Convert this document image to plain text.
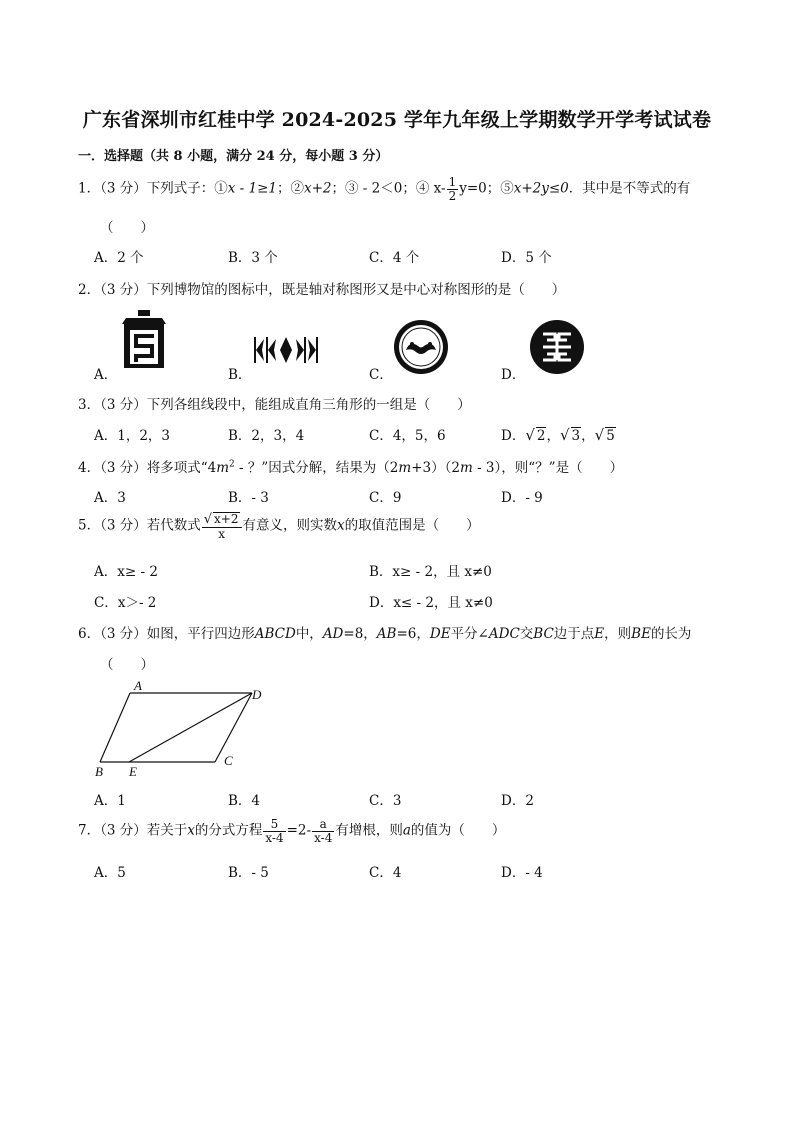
广东省深圳市红桂中学 2024-2025 学年九年级上学期数学开学考试试卷
一．选择题（共 8 小题，满分 24 分，每小题 3 分）
1．（3 分）下列式子：①x - 1≥1；②x+2；③ - 2＜0；④ $x- \frac{1}{2} y=0$；⑤x+2y≤0．其中是不等式的有
（　　）
A．2 个	B．3 个	C．4 个	D．5 个
2．（3 分）下列博物馆的图标中，既是轴对称图形又是中心对称图形的是（　　）
A．	B．	C．	D．
3．（3 分）下列各组线段中，能组成直角三角形的一组是（　　）
A．1，2，3	B．2，3，4	C．4，5，6	D．√ 2，√ 3，√ 5
4．（3 分）将多项式“$4m^2$ - ？”因式分解，结果为（2m+3）（2m - 3），则“？”是（　　）
A．3	B．- 3	C．9	D．- 9
5．（3 分）若代数式 $\frac{√ x+2}{x}$ 有意义，则实数x的取值范围是（　　）
A．x≥ - 2	B．x≥ - 2，且 x≠0
C．x＞- 2	D．x≤ - 2，且 x≠0
6．（3 分）如图，平行四边形ABCD中，AD=8，AB=6，DE平分∠ADC交BC边于点E，则BE的长为
（　　）
A
D
B E
C
A．1	B．4	C．3	D．2
7．（3 分）若关于x的分式方程 $\frac{5}{x-4} =2- \frac{a}{x-4}$ 有增根，则a的值为（　　）
A．5	B．- 5	C．4	D．- 4
